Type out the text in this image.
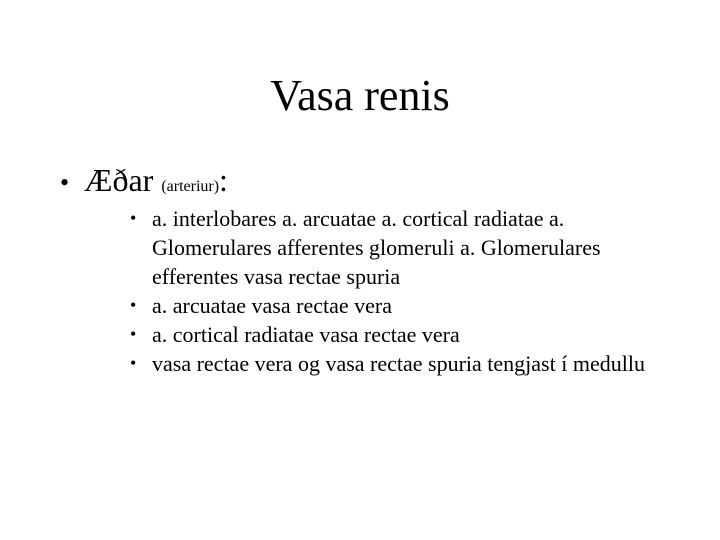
Vasa renis
• Æðar (arteriur):
• a. interlobares a. arcuatae a. cortical radiatae a. Glomerulares afferentes glomeruli a. Glomerulares efferentes vasa rectae spuria
• a. arcuatae vasa rectae vera
• a. cortical radiatae vasa rectae vera
• vasa rectae vera og vasa rectae spuria tengjast í medullu
